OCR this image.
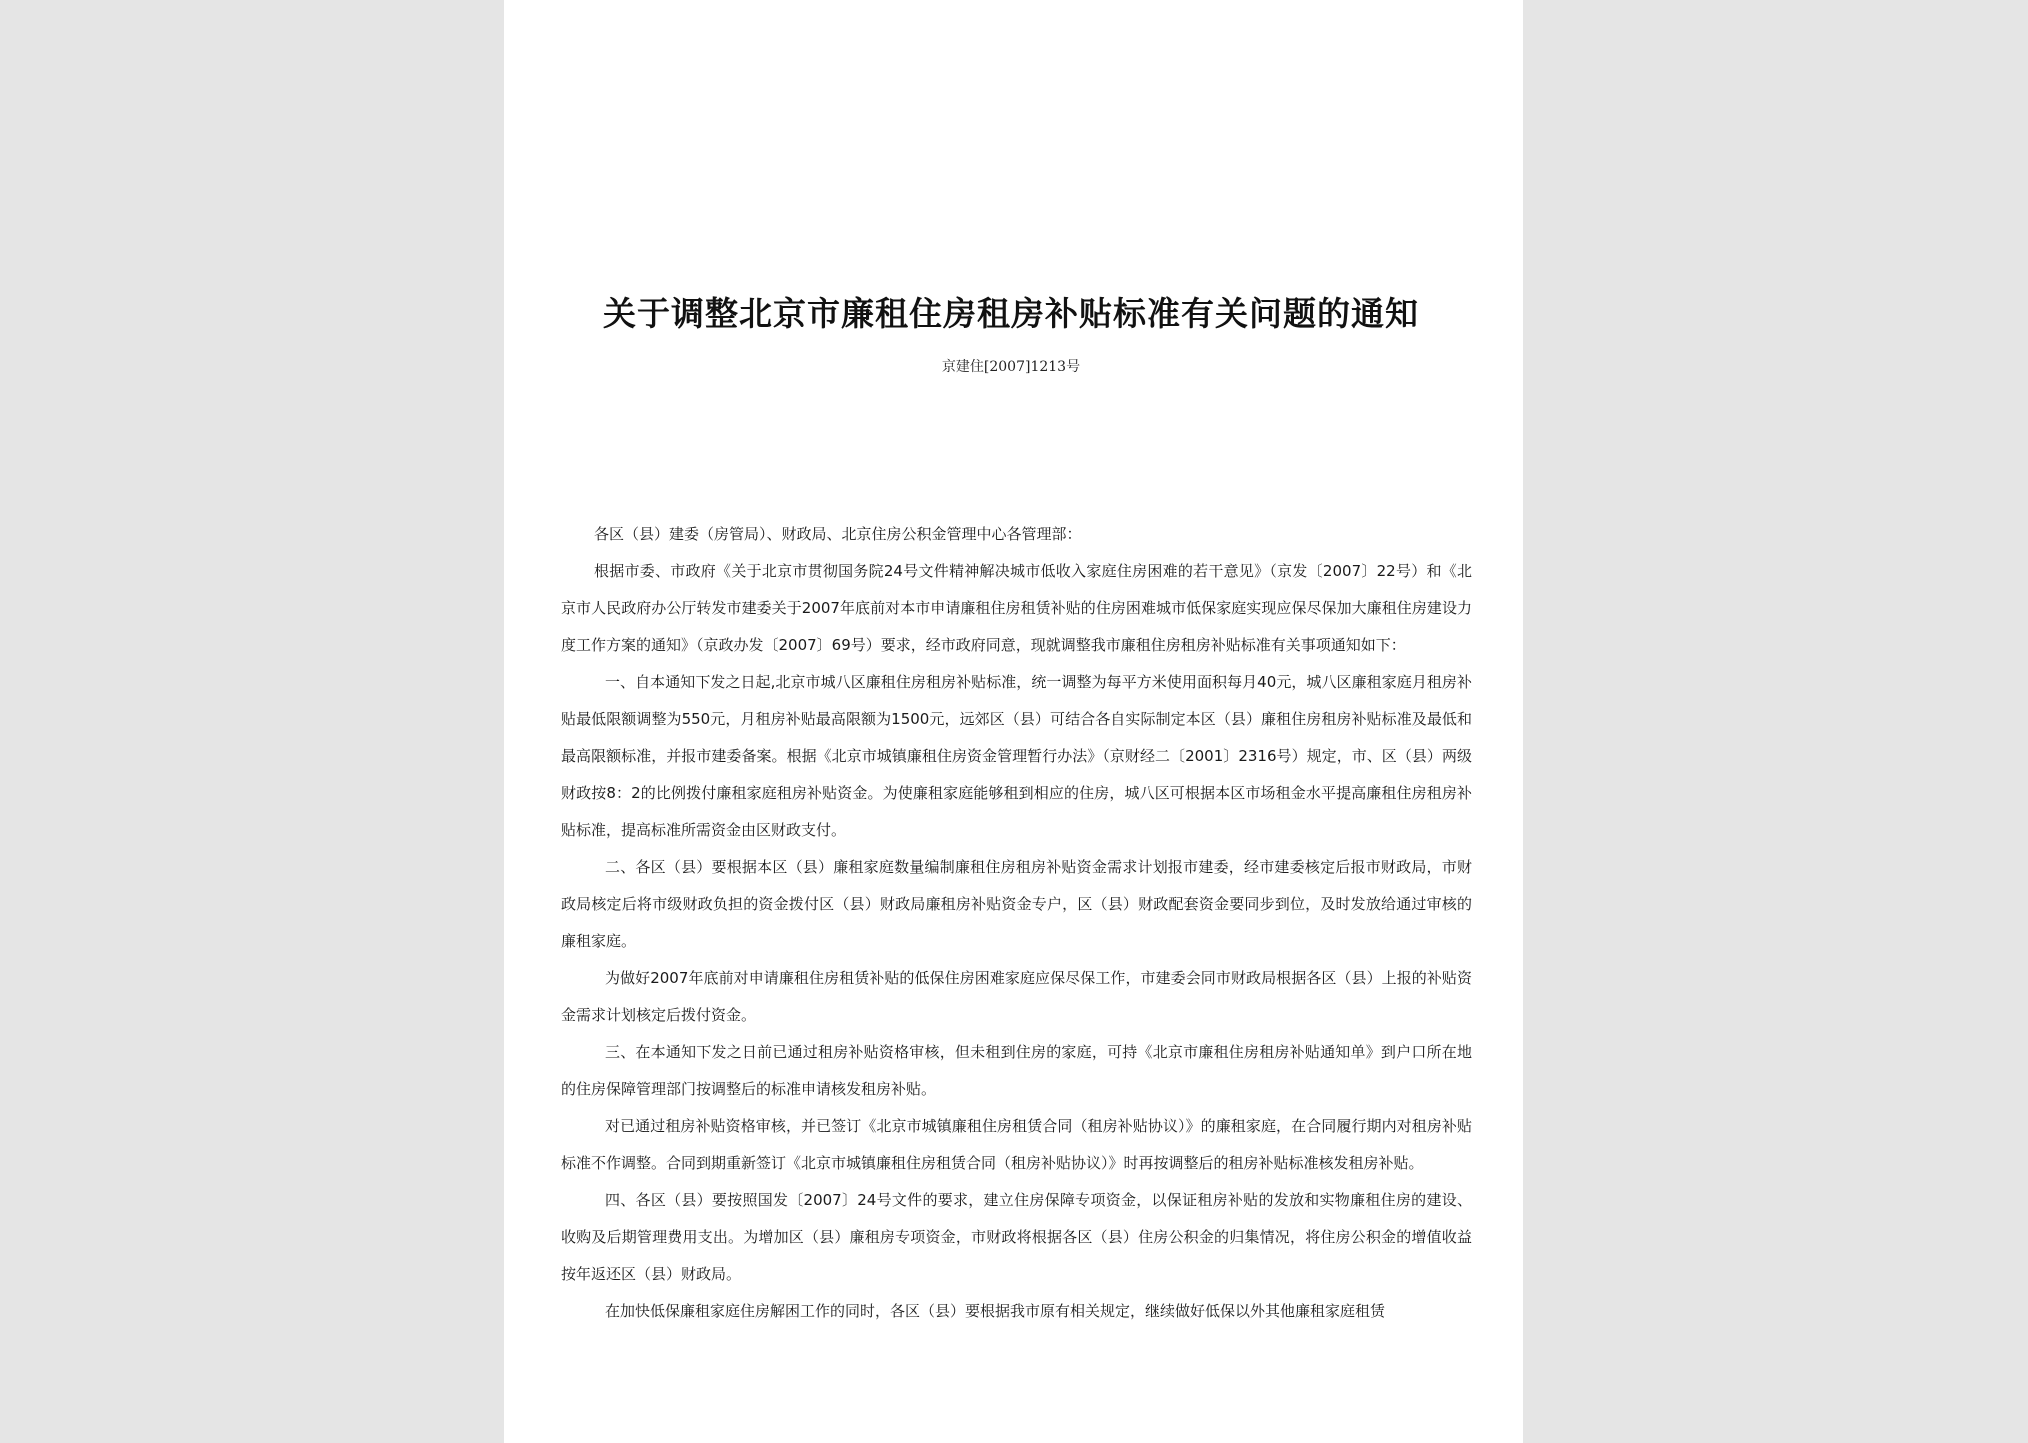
关于调整北京市廉租住房租房补贴标准有关问题的通知
京建住[2007]1213号

各区（县）建委（房管局）、财政局、北京住房公积金管理中心各管理部：

根据市委、市政府《关于北京市贯彻国务院24号文件精神解决城市低收入家庭住房困难的若干意见》（京发〔2007〕22号）和《北京市人民政府办公厅转发市建委关于2007年底前对本市申请廉租住房租赁补贴的住房困难城市低保家庭实现应保尽保加大廉租住房建设力度工作方案的通知》（京政办发〔2007〕69号）要求，经市政府同意，现就调整我市廉租住房租房补贴标准有关事项通知如下：

一、自本通知下发之日起,北京市城八区廉租住房租房补贴标准，统一调整为每平方米使用面积每月40元，城八区廉租家庭月租房补贴最低限额调整为550元，月租房补贴最高限额为1500元，远郊区（县）可结合各自实际制定本区（县）廉租住房租房补贴标准及最低和最高限额标准，并报市建委备案。根据《北京市城镇廉租住房资金管理暂行办法》（京财经二〔2001〕2316号）规定，市、区（县）两级财政按8：2的比例拨付廉租家庭租房补贴资金。为使廉租家庭能够租到相应的住房，城八区可根据本区市场租金水平提高廉租住房租房补贴标准，提高标准所需资金由区财政支付。

二、各区（县）要根据本区（县）廉租家庭数量编制廉租住房租房补贴资金需求计划报市建委，经市建委核定后报市财政局，市财政局核定后将市级财政负担的资金拨付区（县）财政局廉租房补贴资金专户，区（县）财政配套资金要同步到位，及时发放给通过审核的廉租家庭。

为做好2007年底前对申请廉租住房租赁补贴的低保住房困难家庭应保尽保工作，市建委会同市财政局根据各区（县）上报的补贴资金需求计划核定后拨付资金。

三、在本通知下发之日前已通过租房补贴资格审核，但未租到住房的家庭，可持《北京市廉租住房租房补贴通知单》到户口所在地的住房保障管理部门按调整后的标准申请核发租房补贴。

对已通过租房补贴资格审核，并已签订《北京市城镇廉租住房租赁合同（租房补贴协议）》的廉租家庭，在合同履行期内对租房补贴标准不作调整。合同到期重新签订《北京市城镇廉租住房租赁合同（租房补贴协议）》时再按调整后的租房补贴标准核发租房补贴。

四、各区（县）要按照国发〔2007〕24号文件的要求，建立住房保障专项资金，以保证租房补贴的发放和实物廉租住房的建设、收购及后期管理费用支出。为增加区（县）廉租房专项资金，市财政将根据各区（县）住房公积金的归集情况，将住房公积金的增值收益按年返还区（县）财政局。

在加快低保廉租家庭住房解困工作的同时，各区（县）要根据我市原有相关规定，继续做好低保以外其他廉租家庭租赁
